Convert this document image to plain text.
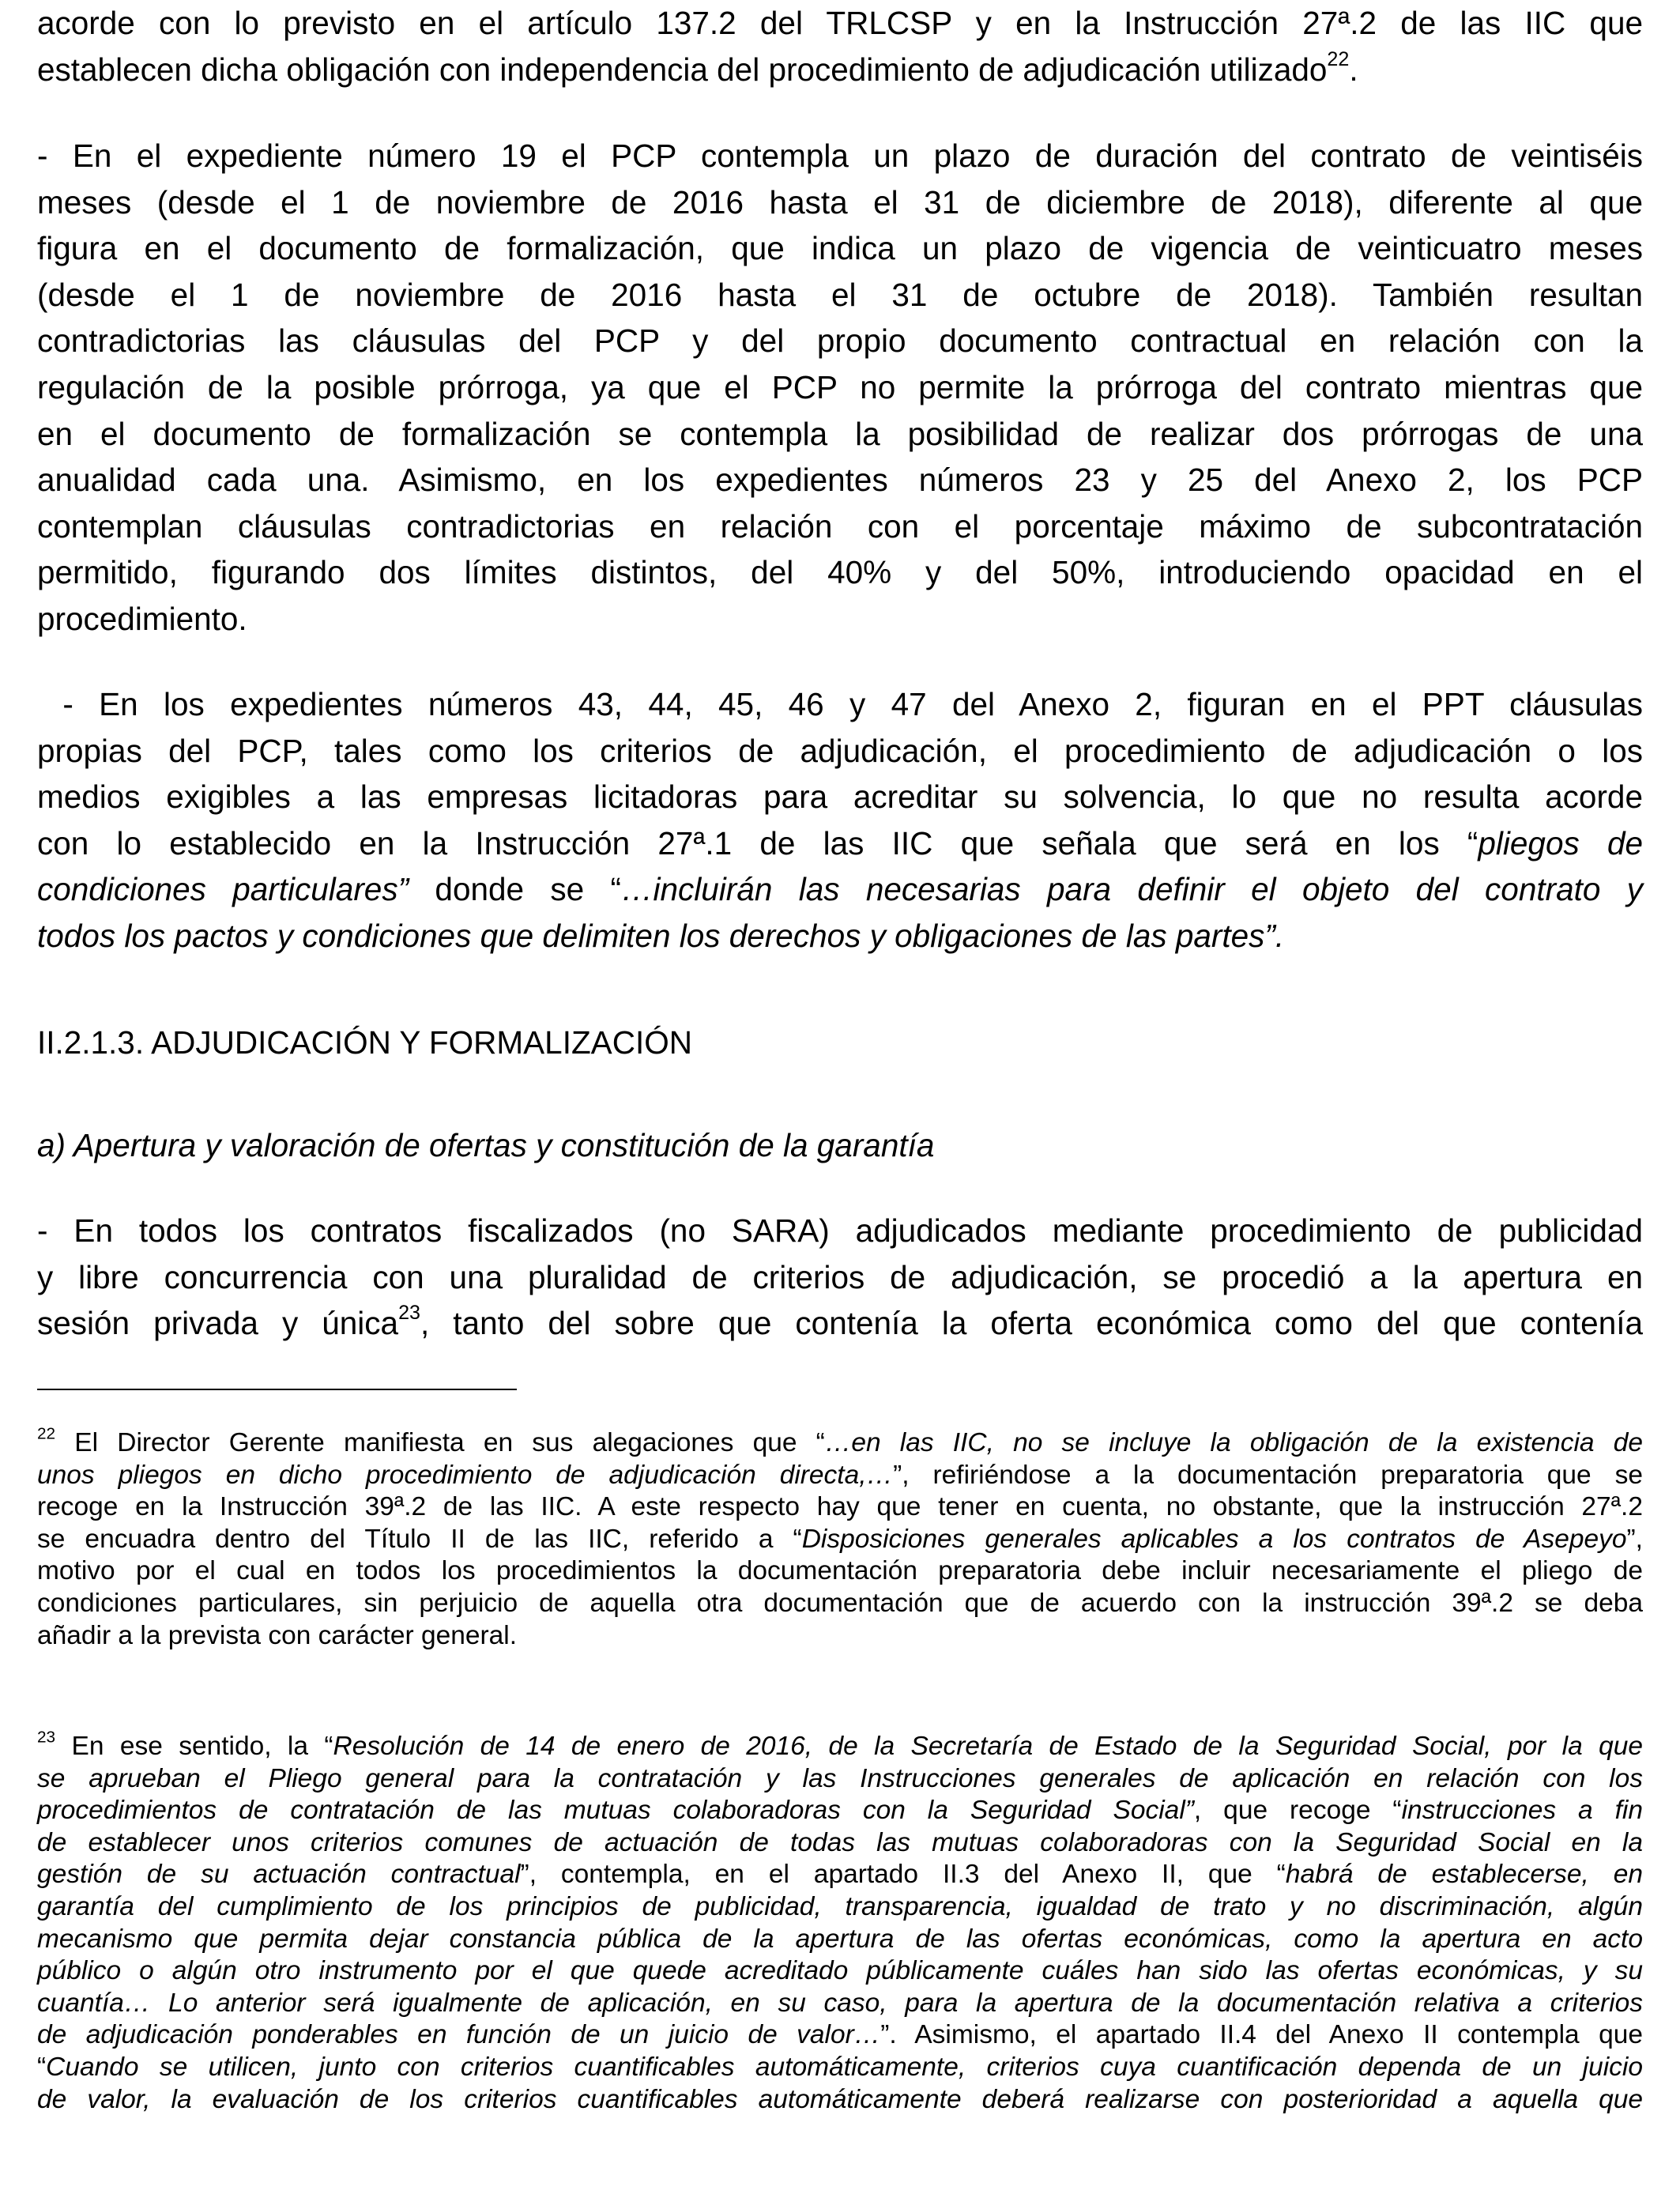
acorde con lo previsto en el artículo 137.2 del TRLCSP y en la Instrucción 27ª.2 de las IIC que
establecen dicha obligación con independencia del procedimiento de adjudicación utilizado$^{22}$.
- En el expediente número 19 el PCP contempla un plazo de duración del contrato de veintiséis
meses (desde el 1 de noviembre de 2016 hasta el 31 de diciembre de 2018), diferente al que
figura en el documento de formalización, que indica un plazo de vigencia de veinticuatro meses
(desde el 1 de noviembre de 2016 hasta el 31 de octubre de 2018). También resultan
contradictorias las cláusulas del PCP y del propio documento contractual en relación con la
regulación de la posible prórroga, ya que el PCP no permite la prórroga del contrato mientras que
en el documento de formalización se contempla la posibilidad de realizar dos prórrogas de una
anualidad cada una. Asimismo, en los expedientes números 23 y 25 del Anexo 2, los PCP
contemplan cláusulas contradictorias en relación con el porcentaje máximo de subcontratación
permitido, figurando dos límites distintos, del 40% y del 50%, introduciendo opacidad en el
procedimiento.
- En los expedientes números 43, 44, 45, 46 y 47 del Anexo 2, figuran en el PPT cláusulas
propias del PCP, tales como los criterios de adjudicación, el procedimiento de adjudicación o los
medios exigibles a las empresas licitadoras para acreditar su solvencia, lo que no resulta acorde
con lo establecido en la Instrucción 27ª.1 de las IIC que señala que será en los “pliegos de
condiciones particulares” donde se “…incluirán las necesarias para definir el objeto del contrato y
todos los pactos y condiciones que delimiten los derechos y obligaciones de las partes”.
II.2.1.3. ADJUDICACIÓN Y FORMALIZACIÓN
a) Apertura y valoración de ofertas y constitución de la garantía
- En todos los contratos fiscalizados (no SARA) adjudicados mediante procedimiento de publicidad
y libre concurrencia con una pluralidad de criterios de adjudicación, se procedió a la apertura en
sesión privada y única$^{23}$, tanto del sobre que contenía la oferta económica como del que contenía
$^{22}$ El Director Gerente manifiesta en sus alegaciones que “…en las IIC, no se incluye la obligación de la existencia de
unos pliegos en dicho procedimiento de adjudicación directa,…”, refiriéndose a la documentación preparatoria que se
recoge en la Instrucción 39ª.2 de las IIC. A este respecto hay que tener en cuenta, no obstante, que la instrucción 27ª.2
se encuadra dentro del Título II de las IIC, referido a “Disposiciones generales aplicables a los contratos de Asepeyo”,
motivo por el cual en todos los procedimientos la documentación preparatoria debe incluir necesariamente el pliego de
condiciones particulares, sin perjuicio de aquella otra documentación que de acuerdo con la instrucción 39ª.2 se deba
añadir a la prevista con carácter general.
$^{23}$ En ese sentido, la “Resolución de 14 de enero de 2016, de la Secretaría de Estado de la Seguridad Social, por la que
se aprueban el Pliego general para la contratación y las Instrucciones generales de aplicación en relación con los
procedimientos de contratación de las mutuas colaboradoras con la Seguridad Social”, que recoge “instrucciones a fin
de establecer unos criterios comunes de actuación de todas las mutuas colaboradoras con la Seguridad Social en la
gestión de su actuación contractual”, contempla, en el apartado II.3 del Anexo II, que “habrá de establecerse, en
garantía del cumplimiento de los principios de publicidad, transparencia, igualdad de trato y no discriminación, algún
mecanismo que permita dejar constancia pública de la apertura de las ofertas económicas, como la apertura en acto
público o algún otro instrumento por el que quede acreditado públicamente cuáles han sido las ofertas económicas, y su
cuantía… Lo anterior será igualmente de aplicación, en su caso, para la apertura de la documentación relativa a criterios
de adjudicación ponderables en función de un juicio de valor…”. Asimismo, el apartado II.4 del Anexo II contempla que
“Cuando se utilicen, junto con criterios cuantificables automáticamente, criterios cuya cuantificación dependa de un juicio
de valor, la evaluación de los criterios cuantificables automáticamente deberá realizarse con posterioridad a aquella que
